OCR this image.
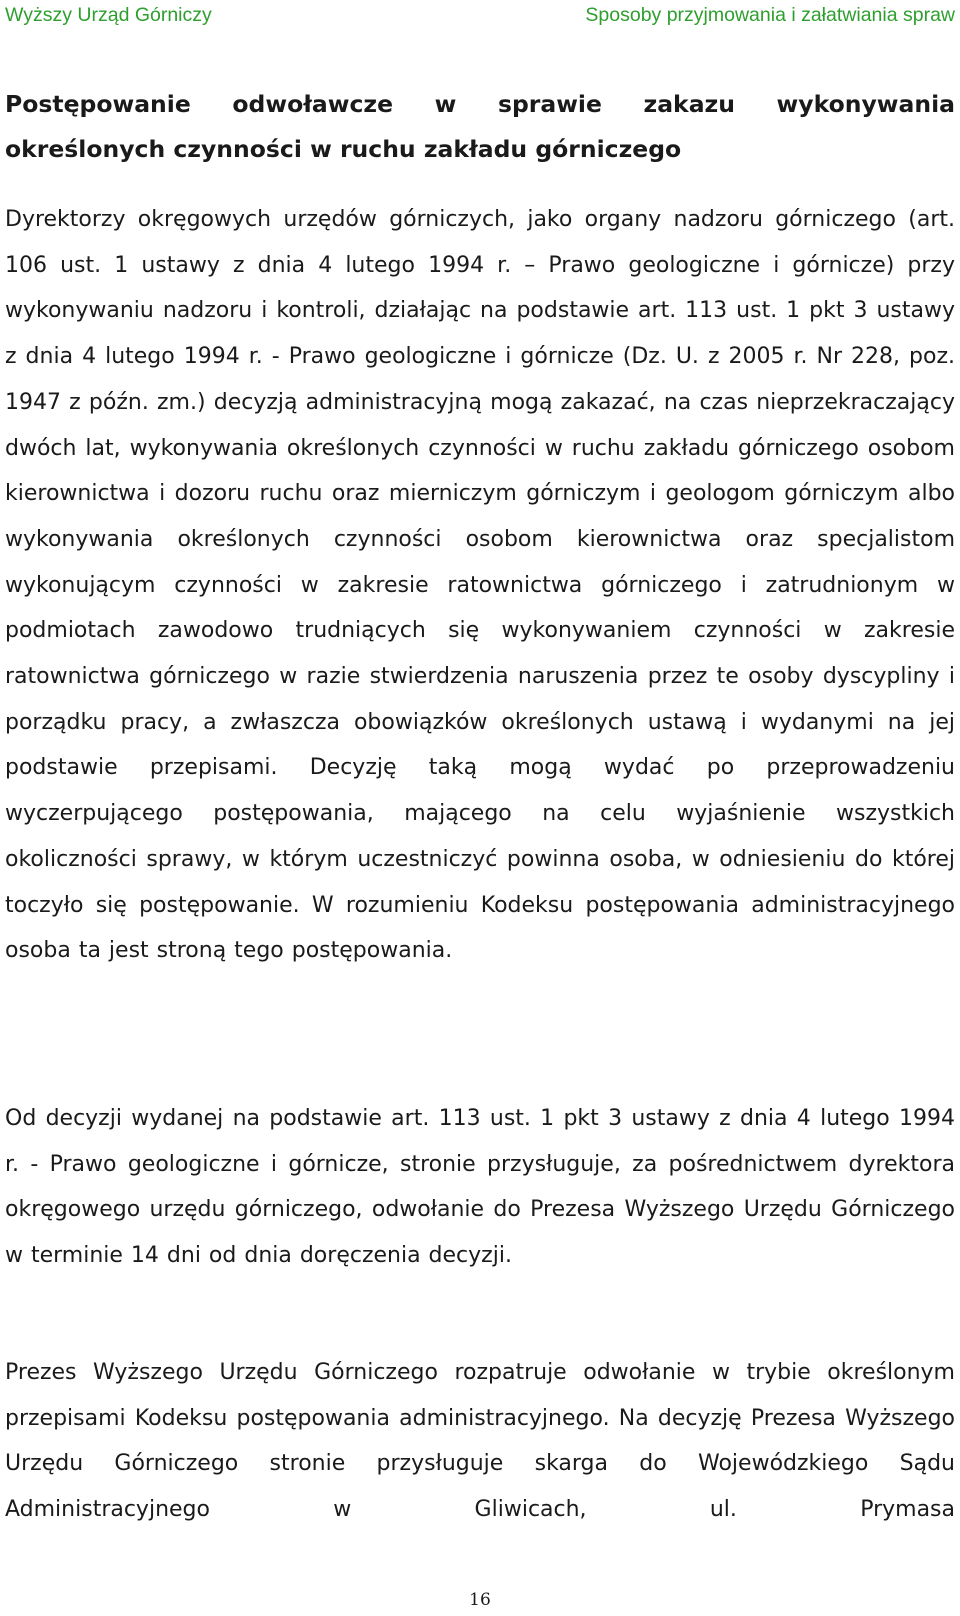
Wyższy Urząd Górniczy	Sposoby przyjmowania i załatwiania spraw
Postępowanie odwoławcze w sprawie zakazu wykonywania określonych czynności w ruchu zakładu górniczego

Dyrektorzy okręgowych urzędów górniczych, jako organy nadzoru górniczego (art. 106 ust. 1 ustawy z dnia 4 lutego 1994 r. – Prawo geologiczne i górnicze) przy wykonywaniu nadzoru i kontroli, działając na podstawie art. 113 ust. 1 pkt 3 ustawy z dnia 4 lutego 1994 r. - Prawo geologiczne i górnicze (Dz. U. z 2005 r. Nr 228, poz. 1947 z późn. zm.) decyzją administracyjną mogą zakazać, na czas nieprzekraczający dwóch lat, wykonywania określonych czynności w ruchu zakładu górniczego osobom kierownictwa i dozoru ruchu oraz mierniczym górniczym i geologom górniczym albo wykonywania określonych czynności osobom kierownictwa oraz specjalistom wykonującym czynności w zakresie ratownictwa górniczego i zatrudnionym w podmiotach zawodowo trudniących się wykonywaniem czynności w zakresie ratownictwa górniczego w razie stwierdzenia naruszenia przez te osoby dyscypliny i porządku pracy, a zwłaszcza obowiązków określonych ustawą i wydanymi na jej podstawie przepisami. Decyzję taką mogą wydać po przeprowadzeniu wyczerpującego postępowania, mającego na celu wyjaśnienie wszystkich okoliczności sprawy, w którym uczestniczyć powinna osoba, w odniesieniu do której toczyło się postępowanie. W rozumieniu Kodeksu postępowania administracyjnego osoba ta jest stroną tego postępowania.

Od decyzji wydanej na podstawie art. 113 ust. 1 pkt 3 ustawy z dnia 4 lutego 1994 r. - Prawo geologiczne i górnicze, stronie przysługuje, za pośrednictwem dyrektora okręgowego urzędu górniczego, odwołanie do Prezesa Wyższego Urzędu Górniczego w terminie 14 dni od dnia doręczenia decyzji.

Prezes Wyższego Urzędu Górniczego rozpatruje odwołanie w trybie określonym przepisami Kodeksu postępowania administracyjnego. Na decyzję Prezesa Wyższego Urzędu Górniczego stronie przysługuje skarga do Wojewódzkiego Sądu Administracyjnego w Gliwicach, ul. Prymasa

16
